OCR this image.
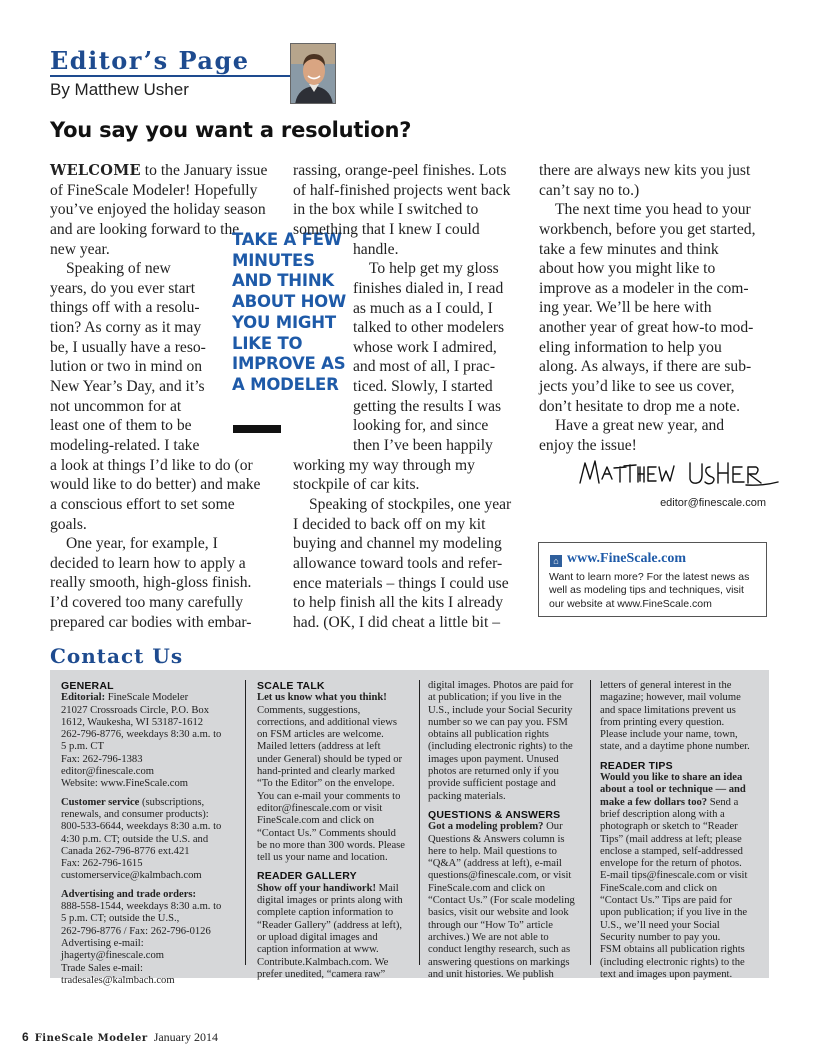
Editor’s Page
By Matthew Usher
You say you want a resolution?
WELCOME to the January issue
of FineScale Modeler! Hopefully
you’ve enjoyed the holiday season
and are looking forward to the
new year.
Speaking of new
years, do you ever start
things off with a resolu-
tion? As corny as it may
be, I usually have a reso-
lution or two in mind on
New Year’s Day, and it’s
not uncommon for at
least one of them to be
modeling-related. I take
a look at things I’d like to do (or
would like to do better) and make
a conscious effort to set some
goals.
One year, for example, I
decided to learn how to apply a
really smooth, high-gloss finish.
I’d covered too many carefully
prepared car bodies with embar-
TAKE A FEW
MINUTES
AND THINK
ABOUT HOW
YOU MIGHT
LIKE TO
IMPROVE AS
A MODELER
rassing, orange-peel finishes. Lots
of half-finished projects went back
in the box while I switched to
something that I knew I could
handle.
To help get my gloss
finishes dialed in, I read
as much as a I could, I
talked to other modelers
whose work I admired,
and most of all, I prac-
ticed. Slowly, I started
getting the results I was
looking for, and since
then I’ve been happily
working my way through my
stockpile of car kits.
Speaking of stockpiles, one year
I decided to back off on my kit
buying and channel my modeling
allowance toward tools and refer-
ence materials – things I could use
to help finish all the kits I already
had. (OK, I did cheat a little bit –
there are always new kits you just
can’t say no to.)
The next time you head to your
workbench, before you get started,
take a few minutes and think
about how you might like to
improve as a modeler in the com-
ing year. We’ll be here with
another year of great how-to mod-
eling information to help you
along. As always, if there are sub-
jects you’d like to see us cover,
don’t hesitate to drop me a note.
Have a great new year, and
enjoy the issue!
editor@finescale.com
⌂ www.FineScale.com
Want to learn more? For the latest news as
well as modeling tips and techniques, visit
our website at www.FineScale.com
Contact Us
GENERAL
Editorial: FineScale Modeler
21027 Crossroads Circle, P.O. Box
1612, Waukesha, WI 53187-1612
262-796-8776, weekdays 8:30 a.m. to
5 p.m. CT
Fax: 262-796-1383
editor@finescale.com
Website: www.FineScale.com
Customer service (subscriptions,
renewals, and consumer products):
800-533-6644, weekdays 8:30 a.m. to
4:30 p.m. CT; outside the U.S. and
Canada 262-796-8776 ext.421
Fax: 262-796-1615
customerservice@kalmbach.com
Advertising and trade orders:
888-558-1544, weekdays 8:30 a.m. to
5 p.m. CT; outside the U.S.,
262-796-8776 / Fax: 262-796-0126
Advertising e-mail:
jhagerty@finescale.com
Trade Sales e-mail:
tradesales@kalmbach.com
SCALE TALK
Let us know what you think!
Comments, suggestions,
corrections, and additional views
on FSM articles are welcome.
Mailed letters (address at left
under General) should be typed or
hand-printed and clearly marked
“To the Editor” on the envelope.
You can e-mail your comments to
editor@finescale.com or visit
FineScale.com and click on
“Contact Us.” Comments should
be no more than 300 words. Please
tell us your name and location.
READER GALLERY
Show off your handiwork! Mail
digital images or prints along with
complete caption information to
“Reader Gallery” (address at left),
or upload digital images and
caption information at www.
Contribute.Kalmbach.com. We
prefer unedited, “camera raw”
digital images. Photos are paid for
at publication; if you live in the
U.S., include your Social Security
number so we can pay you. FSM
obtains all publication rights
(including electronic rights) to the
images upon payment. Unused
photos are returned only if you
provide sufficient postage and
packing materials.
QUESTIONS & ANSWERS
Got a modeling problem? Our
Questions & Answers column is
here to help. Mail questions to
“Q&A” (address at left), e-mail
questions@finescale.com, or visit
FineScale.com and click on
“Contact Us.” (For scale modeling
basics, visit our website and look
through our “How To” article
archives.) We are not able to
conduct lengthy research, such as
answering questions on markings
and unit histories. We publish
letters of general interest in the
magazine; however, mail volume
and space limitations prevent us
from printing every question.
Please include your name, town,
state, and a daytime phone number.
READER TIPS
Would you like to share an idea
about a tool or technique — and
make a few dollars too? Send a
brief description along with a
photograph or sketch to “Reader
Tips” (mail address at left; please
enclose a stamped, self-addressed
envelope for the return of photos.
E-mail tips@finescale.com or visit
FineScale.com and click on
“Contact Us.” Tips are paid for
upon publication; if you live in the
U.S., we’ll need your Social
Security number to pay you.
FSM obtains all publication rights
(including electronic rights) to the
text and images upon payment.
6 FineScale Modeler January 2014
